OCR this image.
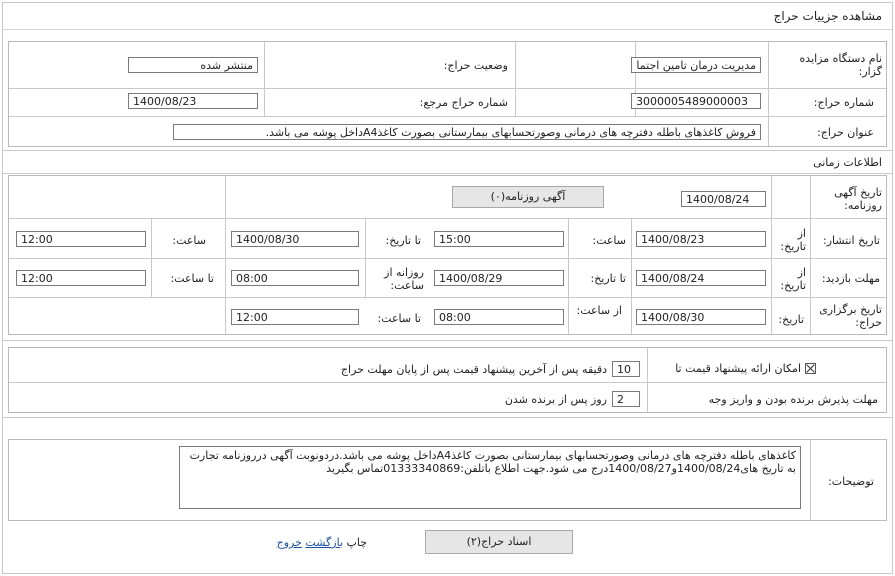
مشاهده جزییات حراج
نام دستگاه مزایده گزار:
مدیریت درمان تامین اجتما
وضعیت حراج:
منتشر شده
شماره حراج:
3000005489000003
شماره حراج مرجع:
1400/08/23
عنوان حراج:
فروش کاغذهای باطله دفترچه های درمانی وصورتحسابهای بیمارستانی بصورت کاغذA4داخل پوشه می باشد.
اطلاعات زمانی
تاریخ آگهی روزنامه:
1400/08/24
آگهی روزنامه(۰)
تاریخ انتشار:
از تاریخ:
1400/08/23
ساعت:
15:00
تا تاریخ:
1400/08/30
ساعت:
12:00
مهلت بازدید:
از تاریخ:
1400/08/24
تا تاریخ:
1400/08/29
روزانه از ساعت:
08:00
تا ساعت:
12:00
تاریخ برگزاری حراج:
تاریخ:
1400/08/30
از ساعت:
08:00
تا ساعت:
12:00
امکان ارائه پیشنهاد قیمت تا
10
دقیقه پس از آخرین پیشنهاد قیمت پس از پایان مهلت حراج
مهلت پذیرش برنده بودن و واریز وجه
2
روز پس از برنده شدن
توضیحات:
کاغذهای باطله دفترچه های درمانی وصورتحسابهای بیمارستانی بصورت کاغذA4داخل پوشه می باشد.دردونوبت آگهی درروزنامه تجارت به تاریخ های1400/08/24و1400/08/27درج می شود.جهت اطلاع باتلفن:01333340869تماس بگیرید
اسناد حراج(۲)
چاپ بازگشت خروج
